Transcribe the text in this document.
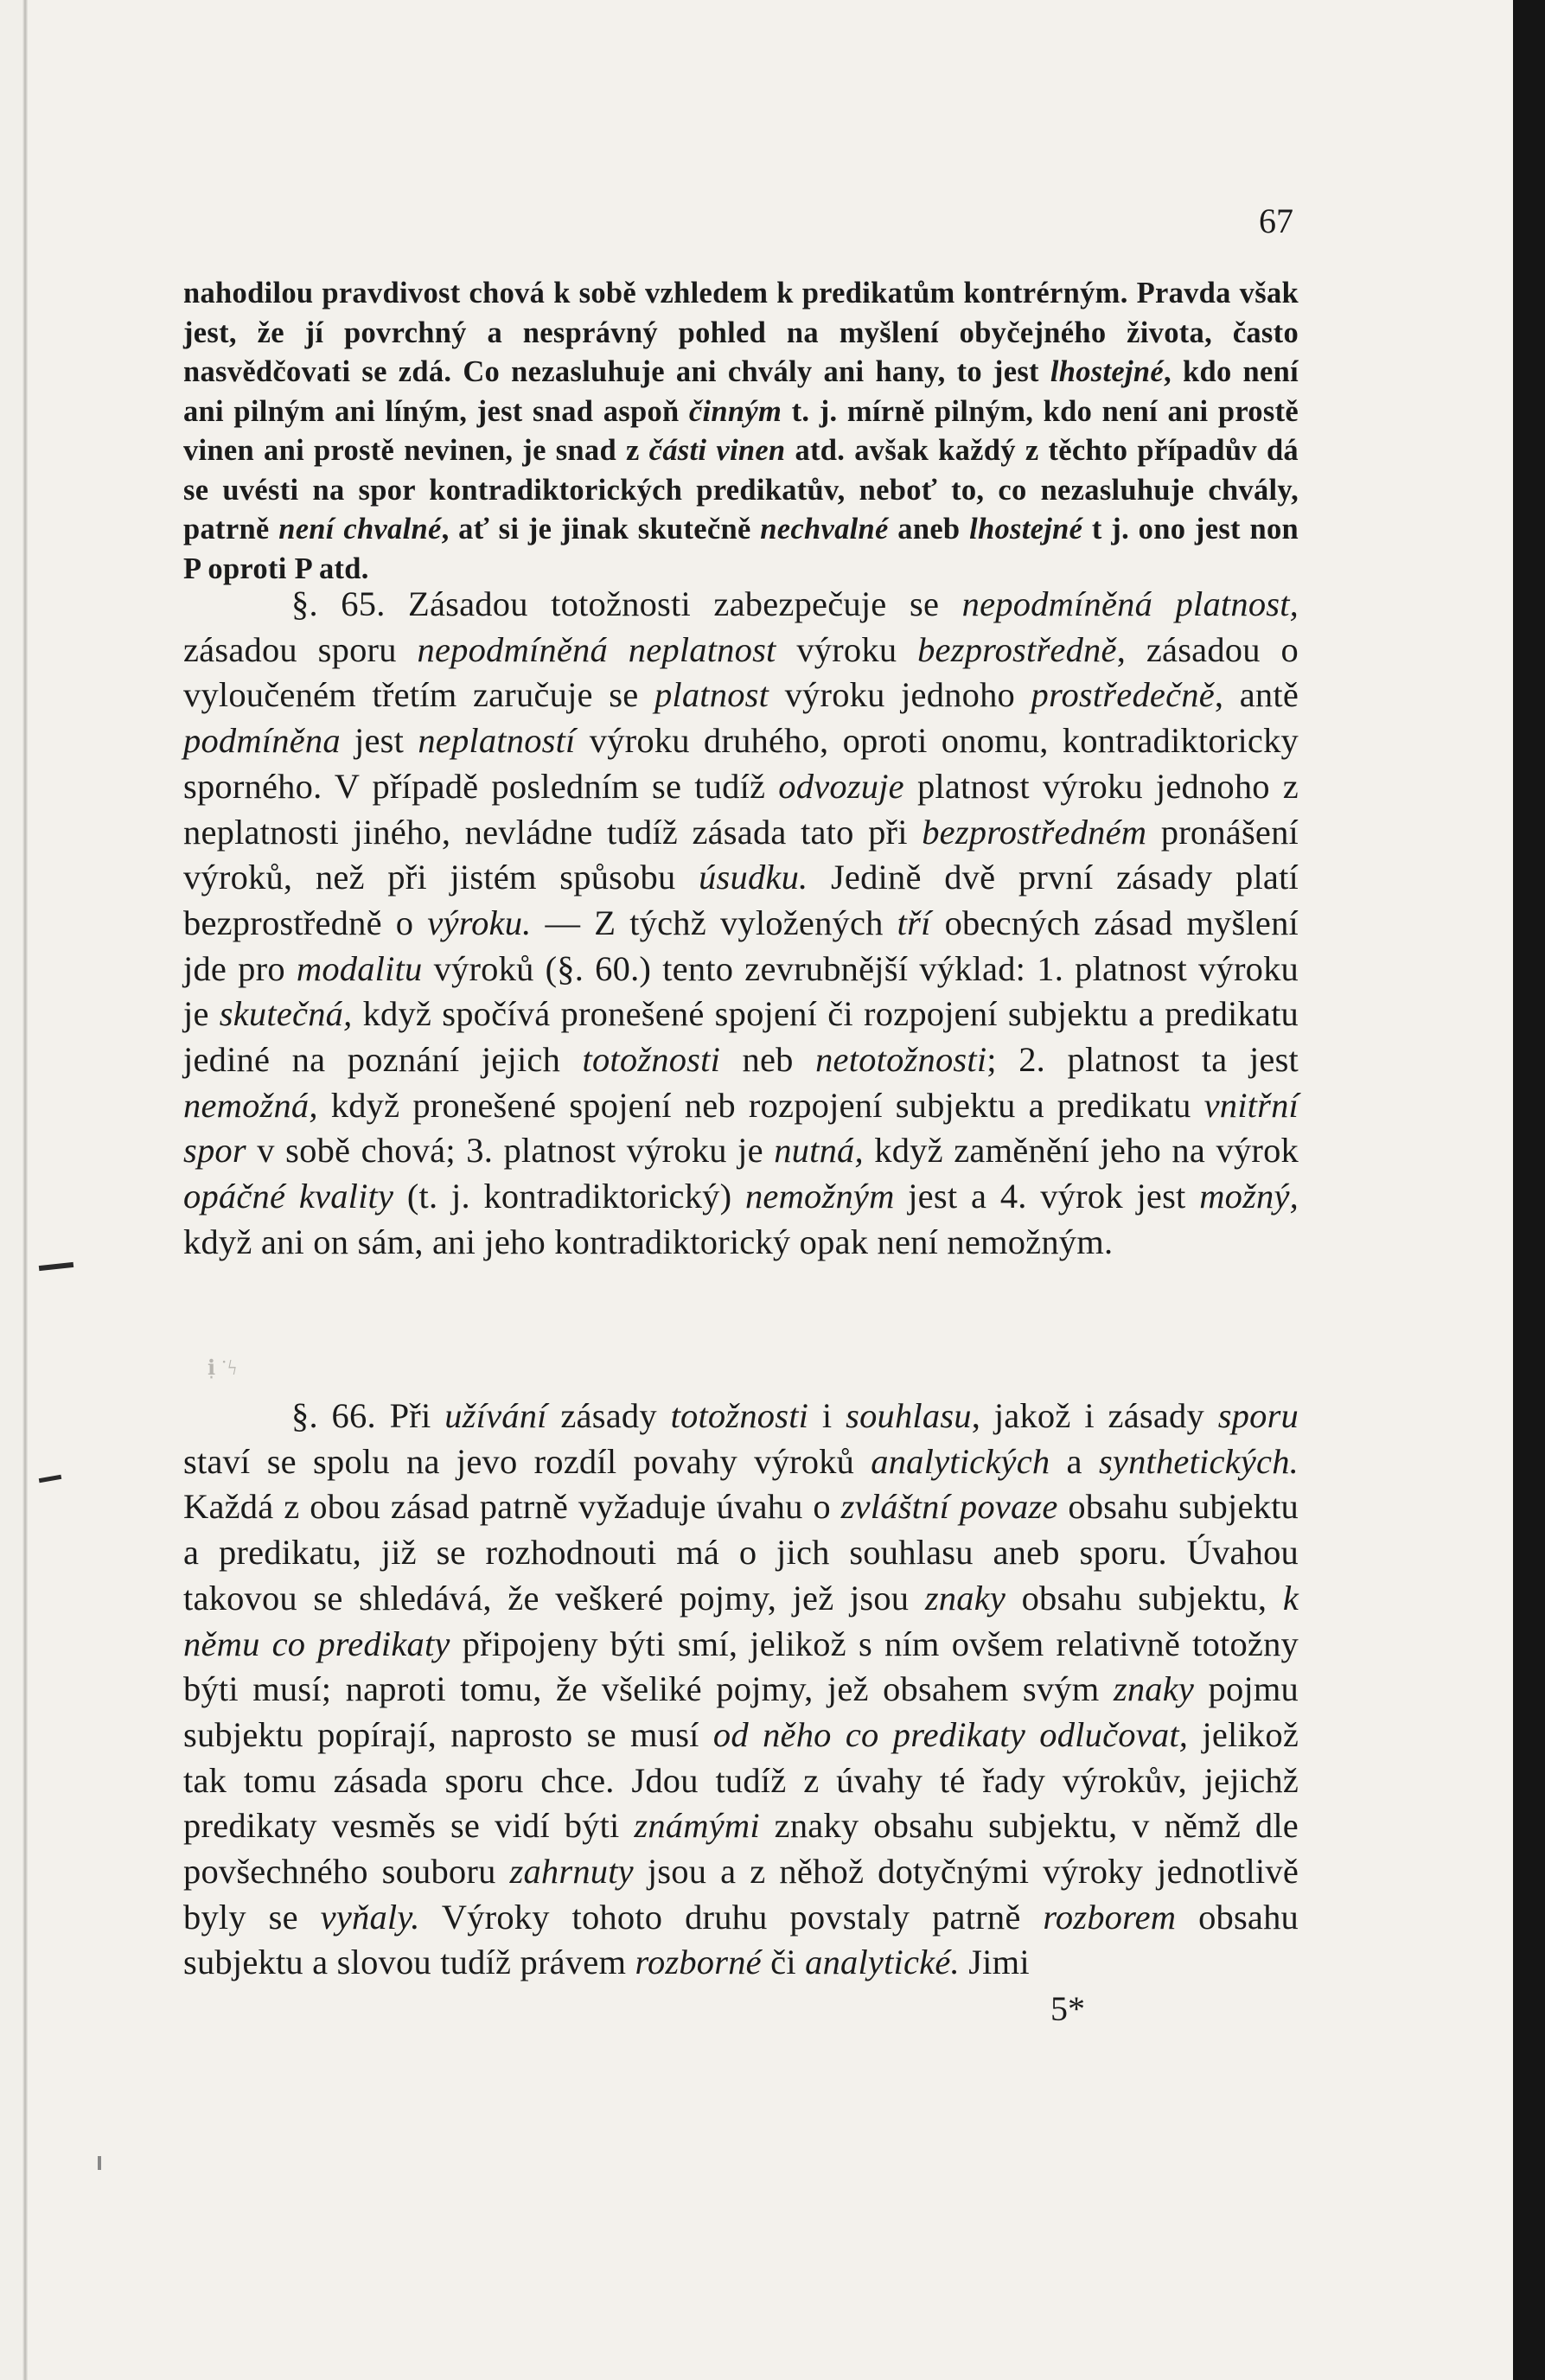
67

nahodilou pravdivost chová k sobě vzhledem k predikatům kontrérným. Pravda však jest, že jí povrchný a nesprávný pohled na myšlení obyčejného života, často nasvědčovati se zdá. Co nezasluhuje ani chvály ani hany, to jest lhostejné, kdo není ani pilným ani líným, jest snad aspoň činným t. j. mírně pilným, kdo není ani prostě vinen ani prostě nevinen, je snad z části vinen atd. avšak každý z těchto případův dá se uvésti na spor kontradiktorických predikatův, neboť to, co nezasluhuje chvály, patrně není chvalné, ať si je jinak skutečně nechvalné aneb lhostejné t j. ono jest non P oproti P atd.

§. 65. Zásadou totožnosti zabezpečuje se nepodmíněná platnost, zásadou sporu nepodmíněná neplatnost výroku bezprostředně, zásadou o vyloučeném třetím zaručuje se platnost výroku jednoho prostředečně, antě podmíněna jest neplatností výroku druhého, oproti onomu, kontradiktoricky sporného. V případě posledním se tudíž odvozuje platnost výroku jednoho z neplatnosti jiného, nevládne tudíž zásada tato při bezprostředném pronášení výroků, než při jistém spůsobu úsudku. Jedině dvě první zásady platí bezprostředně o výroku. — Z týchž vyložených tří obecných zásad myšlení jde pro modalitu výroků (§. 60.) tento zevrubnější výklad: 1. platnost výroku je skutečná, když spočívá pronešené spojení či rozpojení subjektu a predikatu jediné na poznání jejich totožnosti neb netotožnosti; 2. platnost ta jest nemožná, když pronešené spojení neb rozpojení subjektu a predikatu vnitřní spor v sobě chová; 3. platnost výroku je nutná, když zaměnění jeho na výrok opáčné kvality (t. j. kontradiktorický) nemožným jest a 4. výrok jest možný, když ani on sám, ani jeho kontradiktorický opak není nemožným.

ℹ̣ ˙ϟ

§. 66. Při užívání zásady totožnosti i souhlasu, jakož i zásady sporu staví se spolu na jevo rozdíl povahy výroků analytických a synthetických. Každá z obou zásad patrně vyžaduje úvahu o zvláštní povaze obsahu subjektu a predikatu, již se rozhodnouti má o jich souhlasu aneb sporu. Úvahou takovou se shledává, že veškeré pojmy, jež jsou znaky obsahu subjektu, k němu co predikaty připojeny býti smí, jelikož s ním ovšem relativně totožny býti musí; naproti tomu, že všeliké pojmy, jež obsahem svým znaky pojmu subjektu popírají, naprosto se musí od něho co predikaty odlučovat, jelikož tak tomu zásada sporu chce. Jdou tudíž z úvahy té řady výrokův, jejichž predikaty vesměs se vidí býti známými znaky obsahu subjektu, v němž dle povšechného souboru zahrnuty jsou a z něhož dotyčnými výroky jednotlivě byly se vyňaly. Výroky tohoto druhu povstaly patrně rozborem obsahu subjektu a slovou tudíž právem rozborné či analytické. Jimi

5*
